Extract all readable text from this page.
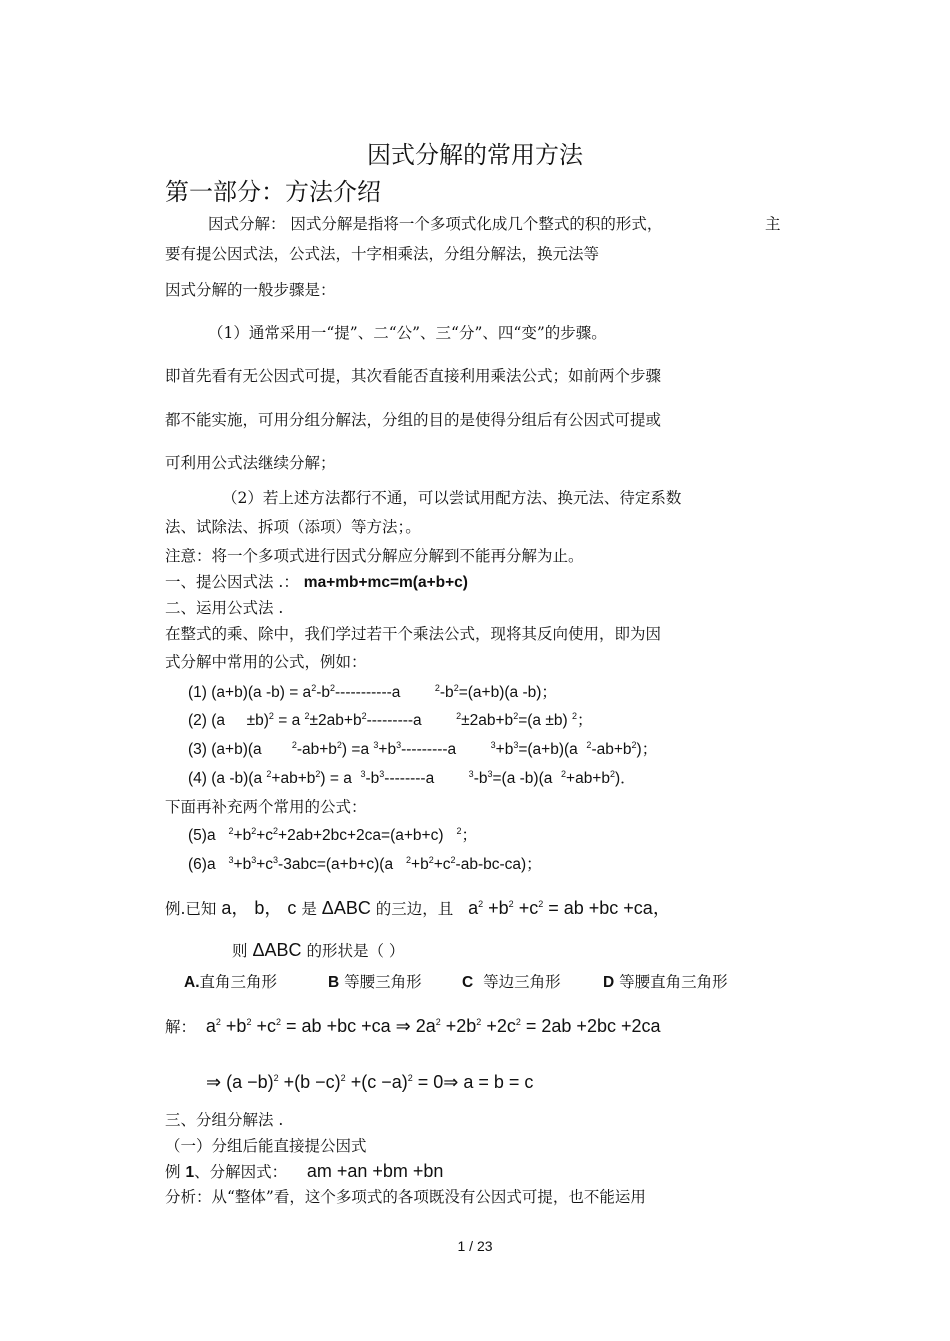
因式分解的常用方法
第一部分：方法介绍
因式分解： 因式分解是指将一个多项式化成几个整式的积的形式，	主
要有提公因式法，公式法，十字相乘法，分组分解法，换元法等
因式分解的一般步骤是：
（1）通常采用一“提”、二“公”、三“分”、四“变”的步骤。
即首先看有无公因式可提，其次看能否直接利用乘法公式；如前两个步骤
都不能实施，可用分组分解法，分组的目的是使得分组后有公因式可提或
可利用公式法继续分解；
（2）若上述方法都行不通，可以尝试用配方法、换元法、待定系数
法、试除法、拆项（添项）等方法；。
注意：将一个多项式进行因式分解应分解到不能再分解为止。
一、提公因式法 .： ma+mb+mc=m(a+b+c)
二、运用公式法 .
在整式的乘、除中，我们学过若干个乘法公式，现将其反向使用，即为因
式分解中常用的公式，例如：
(1) (a+b)(a $-b) = a^2-b^2-----------a$	$^2-b^2=(a+b)(a$ -b)；
(2) $(a \pm b)^2 = a$ $^2\pm 2ab+b^2---------a$	$^2\pm 2ab+b^2=(a \pm b)$ $^2$；
(3) (a+b)(a	$^2-ab+b^2) =a$ $^3+b^3---------a$	$^3+b^3=(a+b)(a$ $^2-ab+b^2$)；
(4) (a -b)(a $^2+ab+b^2) = a$ $^3-b^3--------a$	$^3-b^3=(a$ -b)(a $^2+ab+b^2$)．
下面再补充两个常用的公式：
(5)a $^2+b^2+c^2+2ab+2bc+2ca=(a+b+c)$ $^2$；
(6)a $^3+b^3+c^3-3abc=(a+b+c)(a$ $^2+b^2+c^2-ab-bc-ca$)；
例.已知 a， b， c 是 ΔABC 的三边，且 $a^2 +b^2 +c^2$ = ab +bc +ca，
则 ΔABC 的形状是（ ）
A.直角三角形	B 等腰三角形	C 等边三角形	D 等腰直角三角形
解： $a^2 +b^2 +c^2$ = ab +bc +ca ⇒ $2a^2 +2b^2 +2c^2 = 2ab +2bc +2ca$
⇒ $(a -b)^2 +(b -c)^2 +(c -a)^2$ = 0⇒ a = b = c
三、分组分解法 .
（一）分组后能直接提公因式
例 1、分解因式： am +an +bm +bn
分析：从“整体”看，这个多项式的各项既没有公因式可提，也不能运用
1 / 23
